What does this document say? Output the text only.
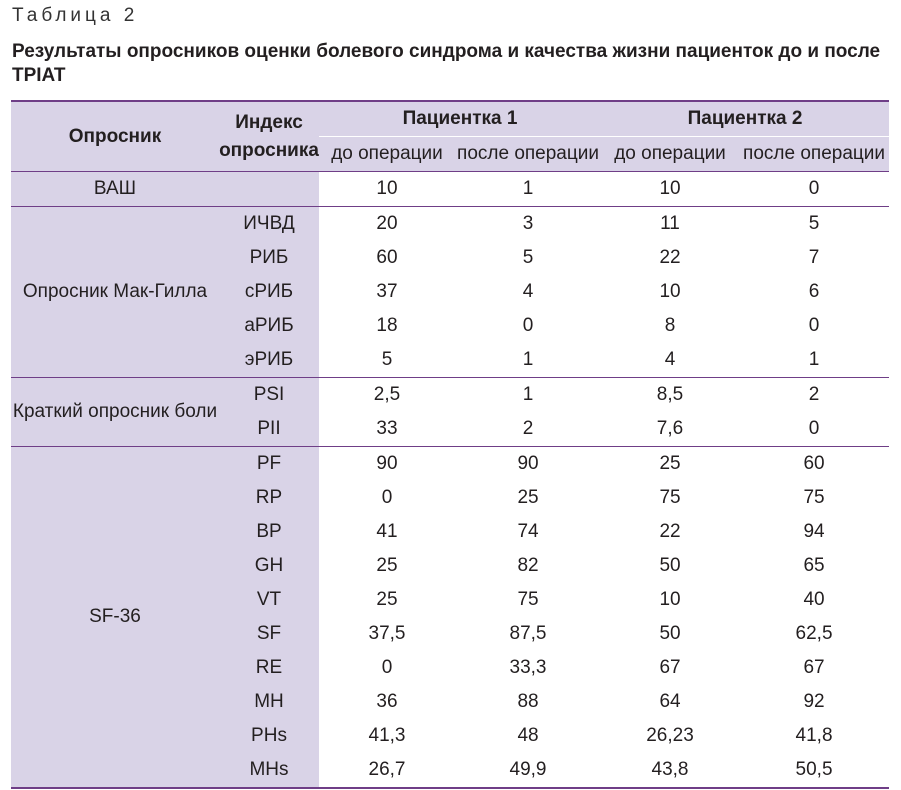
Таблица 2
Результаты опросников оценки болевого синдрома и качества жизни пациенток до и после TPIAT
Опросник	Индекс опросника	Пациентка 1		Пациентка 2	
		до операции	после операции	до операции	после операции
ВАШ		10	1	10	0
Опросник Мак-Гилла	ИЧВД	20	3	11	5
	РИБ	60	5	22	7
	сРИБ	37	4	10	6
	аРИБ	18	0	8	0
	эРИБ	5	1	4	1
Краткий опросник боли	PSI	2,5	1	8,5	2
	PII	33	2	7,6	0
SF-36	PF	90	90	25	60
	RP	0	25	75	75
	BP	41	74	22	94
	GH	25	82	50	65
	VT	25	75	10	40
	SF	37,5	87,5	50	62,5
	RE	0	33,3	67	67
	MH	36	88	64	92
	PHs	41,3	48	26,23	41,8
	MHs	26,7	49,9	43,8	50,5
